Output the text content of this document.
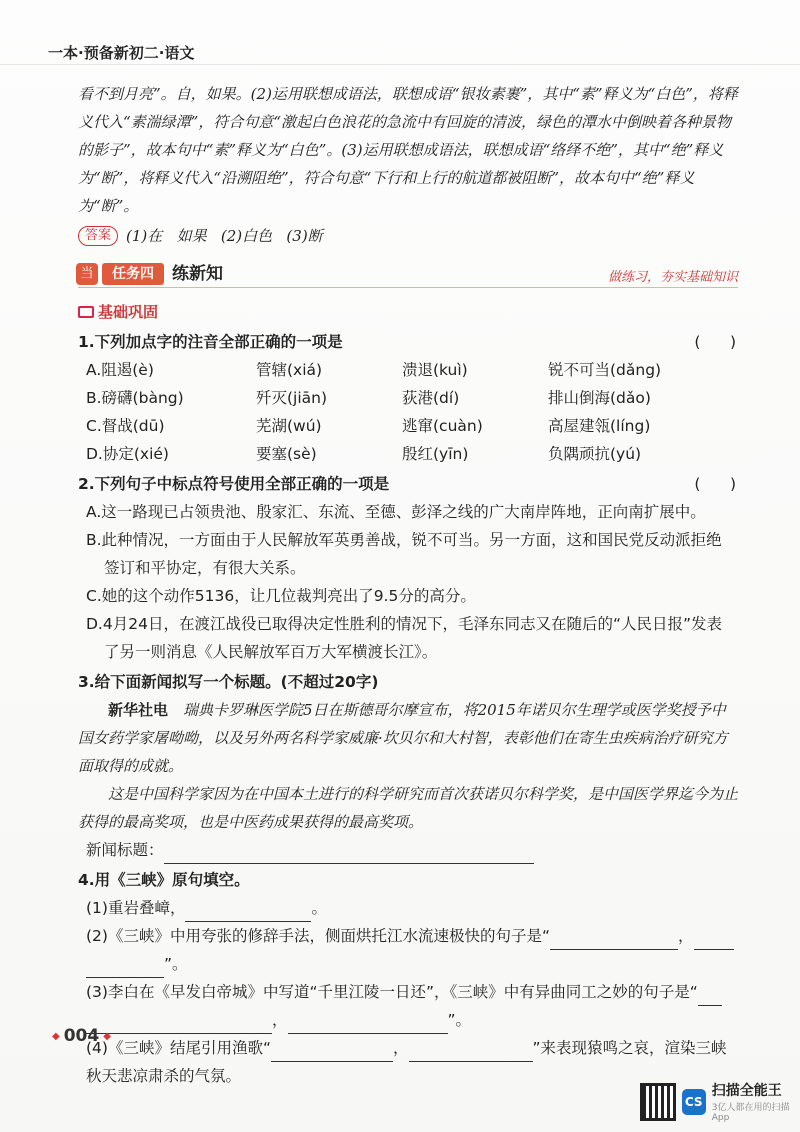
一本·预备新初二·语文

看不到月亮”。自，如果。(2)运用联想成语法，联想成语“银妆素裹”，其中“素”释义为“白色”，将释义代入“素湍绿潭”，符合句意“激起白色浪花的急流中有回旋的清波，绿色的潭水中倒映着各种景物的影子”，故本句中“素”释义为“白色”。(3)运用联想成语法，联想成语“络绎不绝”，其中“绝”释义为“断”，将释义代入“沿溯阻绝”，符合句意“下行和上行的航道都被阻断”，故本句中“绝”释义为“断”。

答案	(1)在   如果   (2)白色   (3)断
当	任务四	练新知	做练习，夯实基础知识
基础巩固
1.下列加点字的注音全部正确的一项是	(      )
A.阻遏(è)	管辖(xiá)	溃退(kuì)	锐不可当(dǎng)
B.磅礴(bàng)	歼灭(jiān)	荻港(dí)	排山倒海(dǎo)
C.督战(dū)	芜湖(wú)	逃窜(cuàn)	高屋建瓴(líng)
D.协定(xié)	要塞(sè)	殷红(yīn)	负隅顽抗(yú)
2.下列句子中标点符号使用全部正确的一项是	(      )
A.这一路现已占领贵池、殷家汇、东流、至德、彭泽之线的广大南岸阵地，正向南扩展中。
B.此种情况，一方面由于人民解放军英勇善战，锐不可当。另一方面，这和国民党反动派拒绝
签订和平协定，有很大关系。
C.她的这个动作5136，让几位裁判亮出了9.5分的高分。
D.4月24日，在渡江战役已取得决定性胜利的情况下，毛泽东同志又在随后的“人民日报”发表
了另一则消息《人民解放军百万大军横渡长江》。
3.给下面新闻拟写一个标题。(不超过20字)

新华社电　 瑞典卡罗琳医学院5日在斯德哥尔摩宣布，将2015年诺贝尔生理学或医学奖授予中国女药学家屠呦呦，以及另外两名科学家威廉·坎贝尔和大村智，表彰他们在寄生虫疾病治疗研究方面取得的成就。

这是中国科学家因为在中国本土进行的科学研究而首次获诺贝尔科学奖，是中国医学界迄今为止获得的最高奖项，也是中医药成果获得的最高奖项。

新闻标题：
4.用《三峡》原句填空。
(1)重岩叠嶂，	。
(2)《三峡》中用夸张的修辞手法，侧面烘托江水流速极快的句子是“	，
”。
(3)李白在《早发白帝城》中写道“千里江陵一日还”，《三峡》中有异曲同工之妙的句子是“
，	”。
(4)《三峡》结尾引用渔歌“	，	”来表现猿鸣之哀，渲染三峡
秋天悲凉肃杀的气氛。
◆ 004 ◆
CS
扫描全能王
3亿人都在用的扫描App
